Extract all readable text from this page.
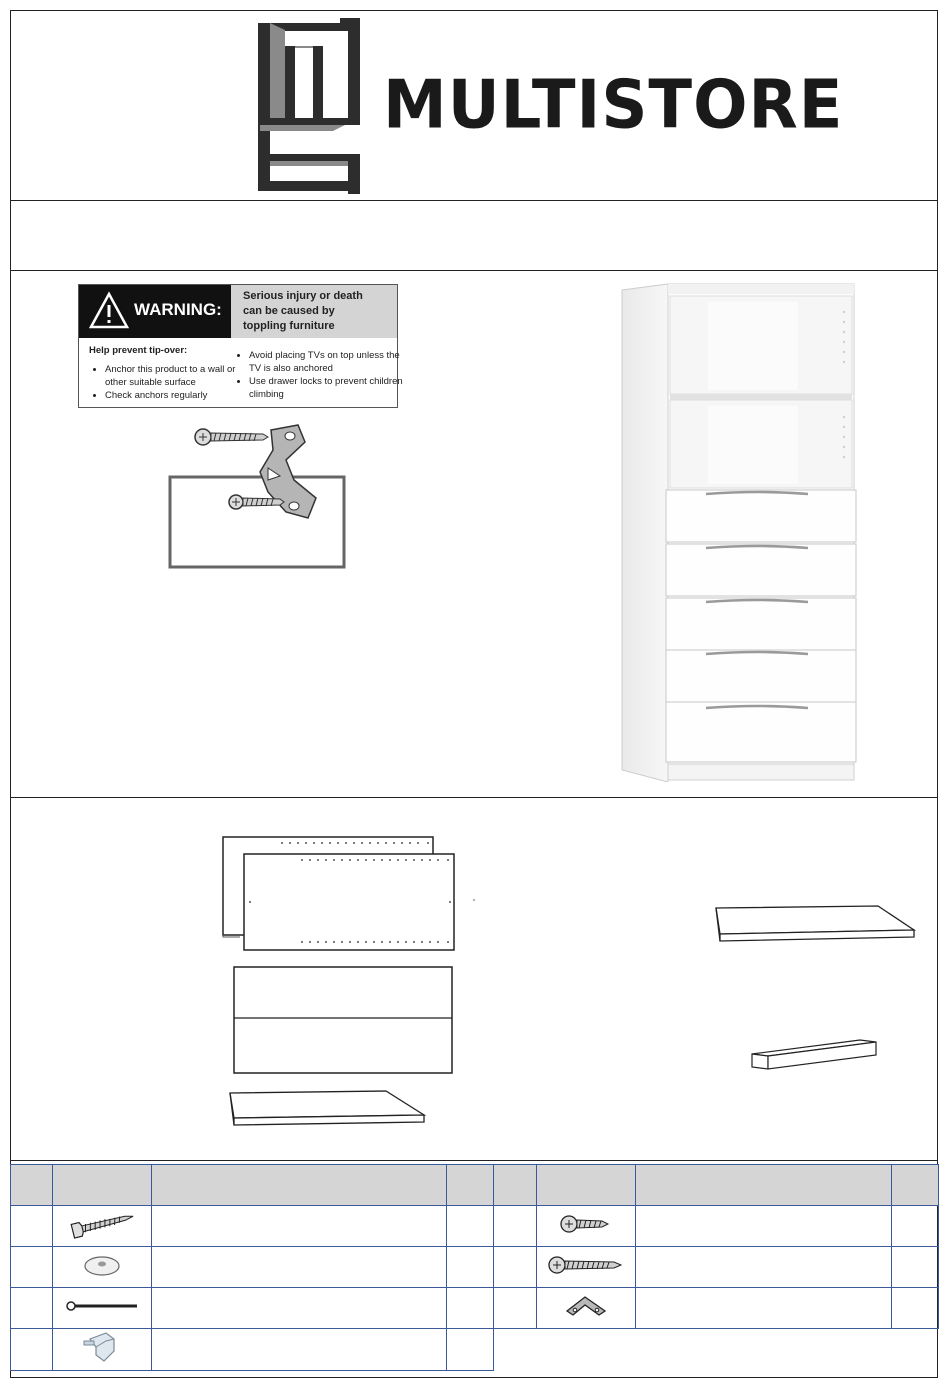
MULTISTORE
WARNING:
Serious injury or death
can be caused by
toppling furniture
Help prevent tip-over:
• Anchor this product to a wall or other suitable surface
• Check anchors regularly
• Avoid placing TVs on top unless the TV is also anchored
• Use drawer locks to prevent children climbing
